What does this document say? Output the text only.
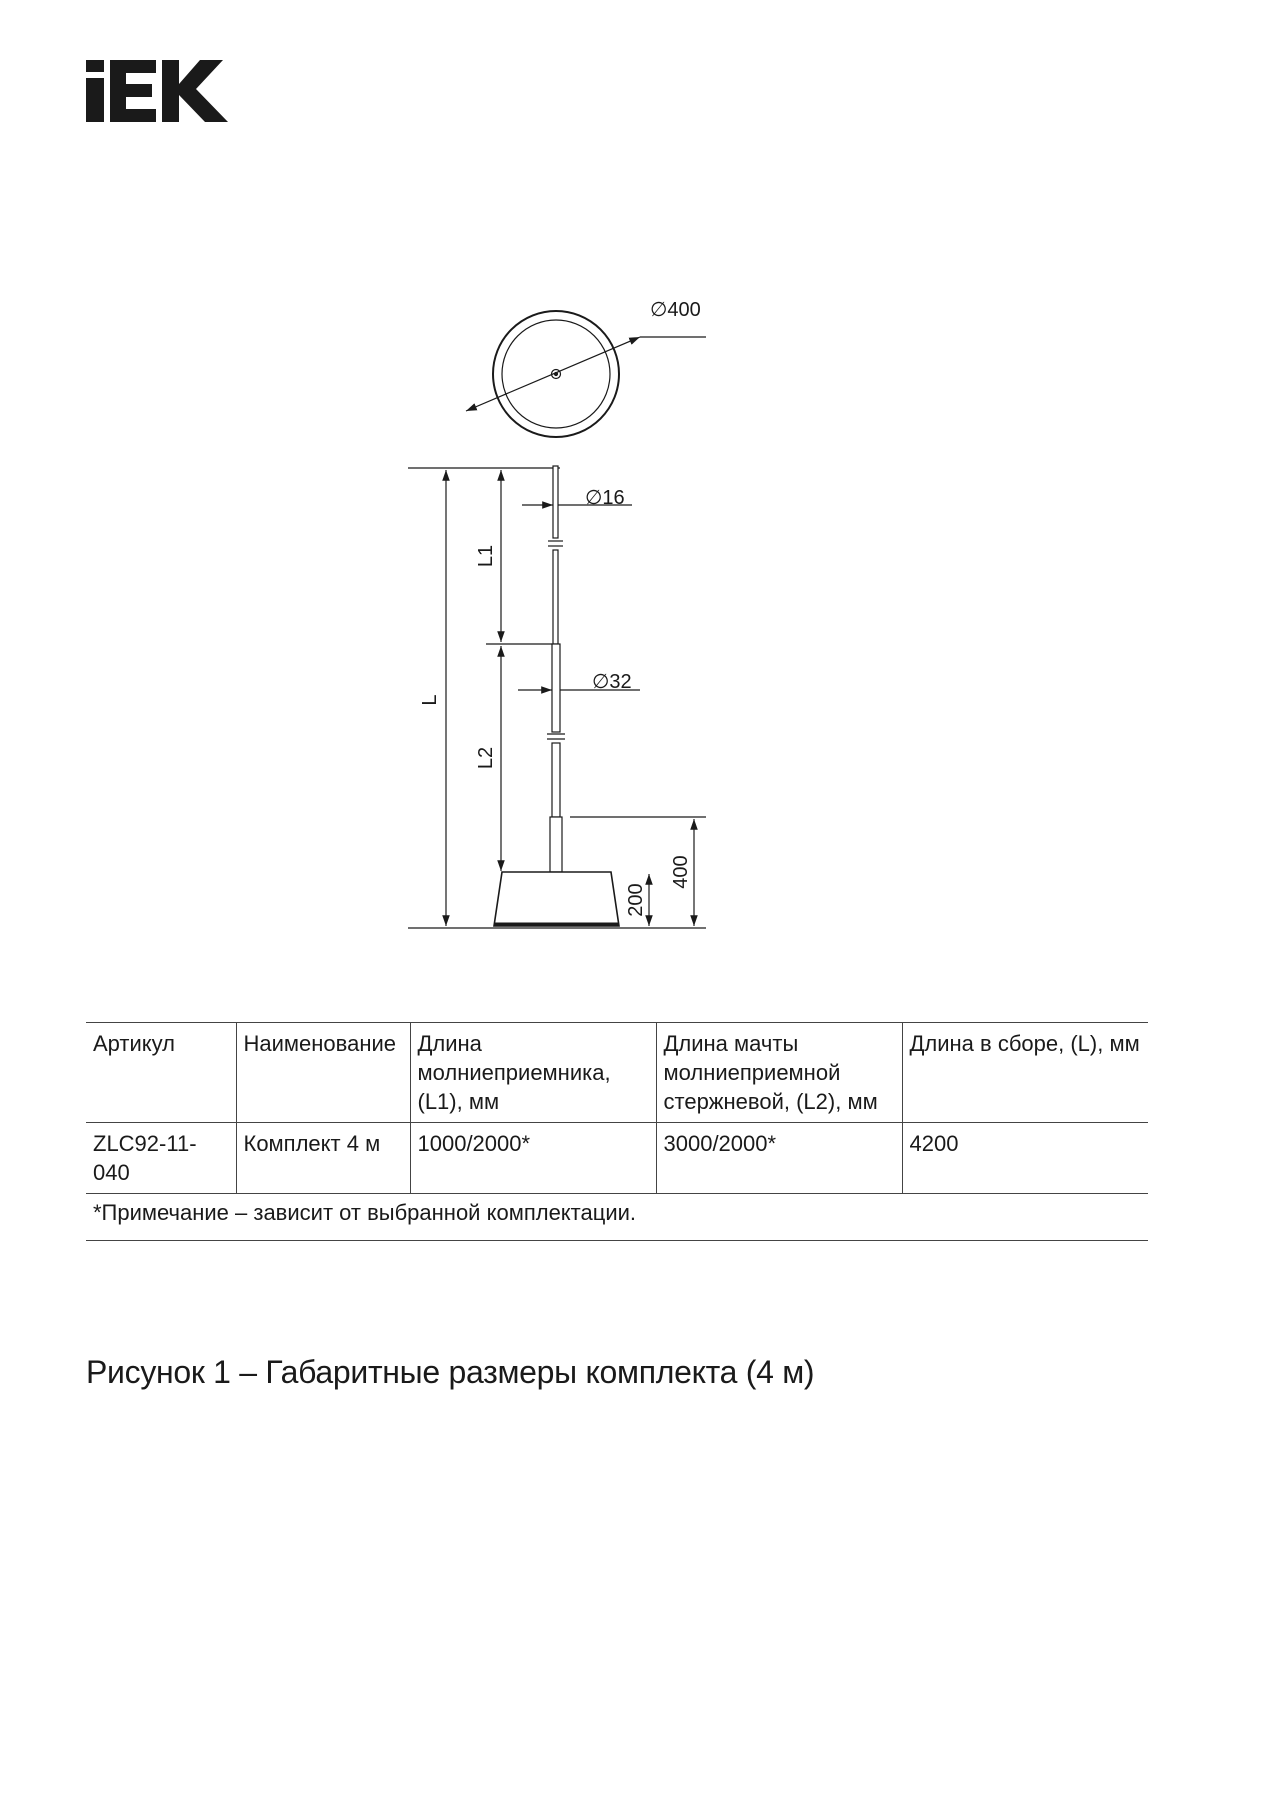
∅400
∅16
∅32
L
L1
L2
200
400
Артикул	Наименование	Длина молниеприемника, (L1), мм	Длина мачты молниеприемной стержневой, (L2), мм	Длина в сборе, (L), мм
ZLC92-11-040	Комплект 4 м	1000/2000*	3000/2000*	4200
*Примечание – зависит от выбранной комплектации.				
Рисунок 1 – Габаритные размеры комплекта (4 м)
